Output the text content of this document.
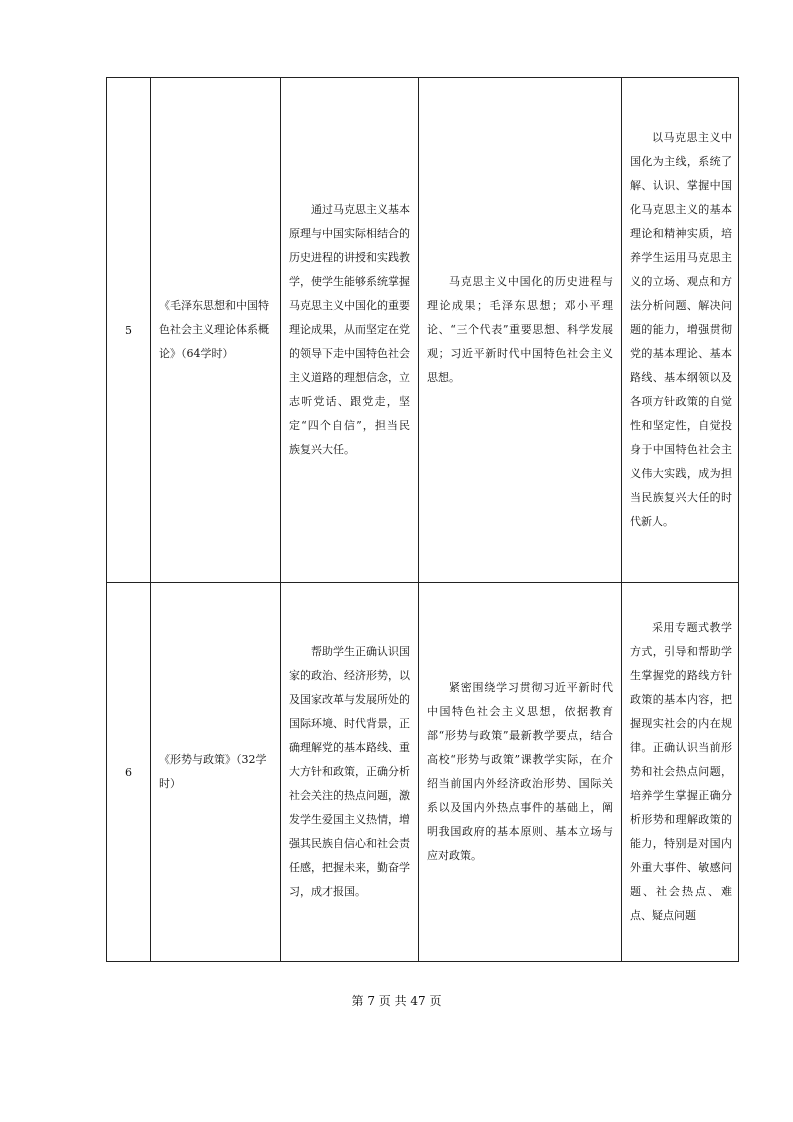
5	《毛泽东思想和中国特色社会主义理论体系概论》（64学时）	通过马克思主义基本原理与中国实际相结合的历史进程的讲授和实践教学，使学生能够系统掌握马克思主义中国化的重要理论成果，从而坚定在党的领导下走中国特色社会主义道路的理想信念，立志听党话、跟党走，坚定“四个自信”，担当民族复兴大任。	马克思主义中国化的历史进程与理论成果；毛泽东思想；邓小平理论、“三个代表”重要思想、科学发展观；习近平新时代中国特色社会主义思想。	以马克思主义中国化为主线，系统了解、认识、掌握中国化马克思主义的基本理论和精神实质，培养学生运用马克思主义的立场、观点和方法分析问题、解决问题的能力，增强贯彻党的基本理论、基本路线、基本纲领以及各项方针政策的自觉性和坚定性，自觉投身于中国特色社会主义伟大实践，成为担当民族复兴大任的时代新人。
6	《形势与政策》（32学时）	帮助学生正确认识国家的政治、经济形势，以及国家改革与发展所处的国际环境、时代背景，正确理解党的基本路线、重大方针和政策，正确分析社会关注的热点问题，激发学生爱国主义热情，增强其民族自信心和社会责任感，把握未来，勤奋学习，成才报国。	紧密围绕学习贯彻习近平新时代中国特色社会主义思想，依据教育部“形势与政策”最新教学要点，结合高校“形势与政策”课教学实际，在介绍当前国内外经济政治形势、国际关系以及国内外热点事件的基础上，阐明我国政府的基本原则、基本立场与应对政策。	采用专题式教学方式，引导和帮助学生掌握党的路线方针政策的基本内容，把握现实社会的内在规律。正确认识当前形势和社会热点问题，培养学生掌握正确分析形势和理解政策的能力，特别是对国内外重大事件、敏感问题、社会热点、难点、疑点问题
第 7 页 共 47 页
